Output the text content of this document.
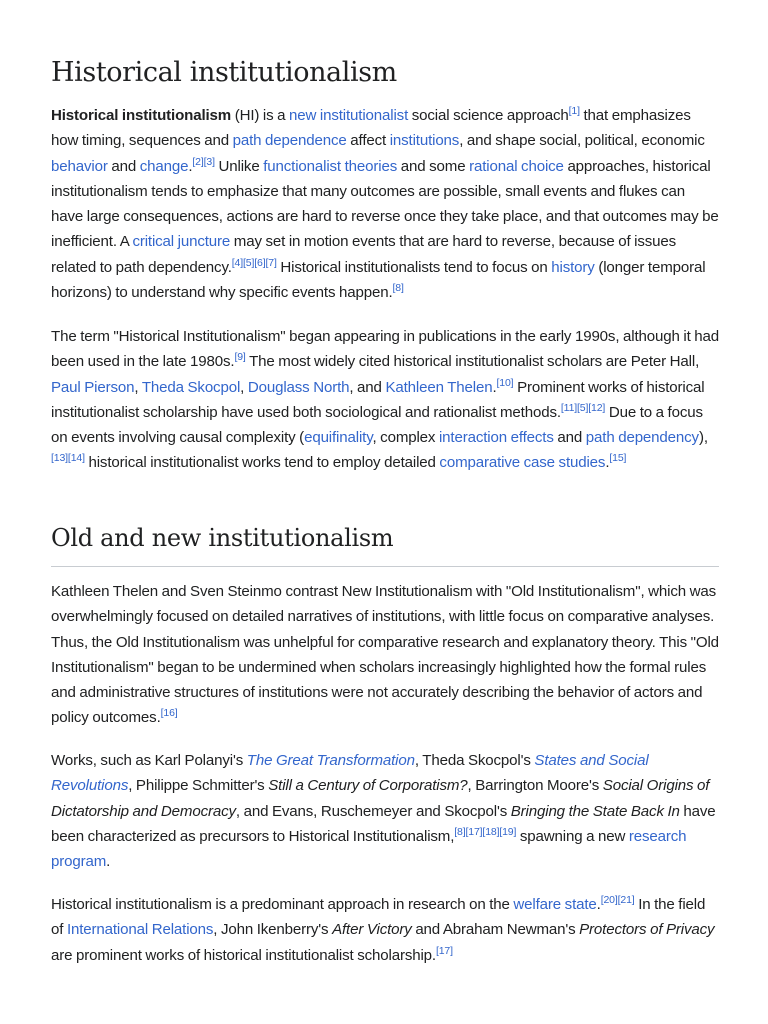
Historical institutionalism

Historical institutionalism (HI) is a new institutionalist social science approach[1] that emphasizes how timing, sequences and path dependence affect institutions, and shape social, political, economic behavior and change.[2][3] Unlike functionalist theories and some rational choice approaches, historical institutionalism tends to emphasize that many outcomes are possible, small events and flukes can have large consequences, actions are hard to reverse once they take place, and that outcomes may be inefficient. A critical juncture may set in motion events that are hard to reverse, because of issues related to path dependency.[4][5][6][7] Historical institutionalists tend to focus on history (longer temporal horizons) to understand why specific events happen.[8]

The term "Historical Institutionalism" began appearing in publications in the early 1990s, although it had been used in the late 1980s.[9] The most widely cited historical institutionalist scholars are Peter Hall, Paul Pierson, Theda Skocpol, Douglass North, and Kathleen Thelen.[10] Prominent works of historical institutionalist scholarship have used both sociological and rationalist methods.[11][5][12] Due to a focus on events involving causal complexity (equifinality, complex interaction effects and path dependency),[13][14] historical institutionalist works tend to employ detailed comparative case studies.[15]

Old and new institutionalism

Kathleen Thelen and Sven Steinmo contrast New Institutionalism with "Old Institutionalism", which was overwhelmingly focused on detailed narratives of institutions, with little focus on comparative analyses. Thus, the Old Institutionalism was unhelpful for comparative research and explanatory theory. This "Old Institutionalism" began to be undermined when scholars increasingly highlighted how the formal rules and administrative structures of institutions were not accurately describing the behavior of actors and policy outcomes.[16]

Works, such as Karl Polanyi's The Great Transformation, Theda Skocpol's States and Social Revolutions, Philippe Schmitter's Still a Century of Corporatism?, Barrington Moore's Social Origins of Dictatorship and Democracy, and Evans, Ruschemeyer and Skocpol's Bringing the State Back In have been characterized as precursors to Historical Institutionalism,[8][17][18][19] spawning a new research program.

Historical institutionalism is a predominant approach in research on the welfare state.[20][21] In the field of International Relations, John Ikenberry's After Victory and Abraham Newman's Protectors of Privacy are prominent works of historical institutionalist scholarship.[17]
